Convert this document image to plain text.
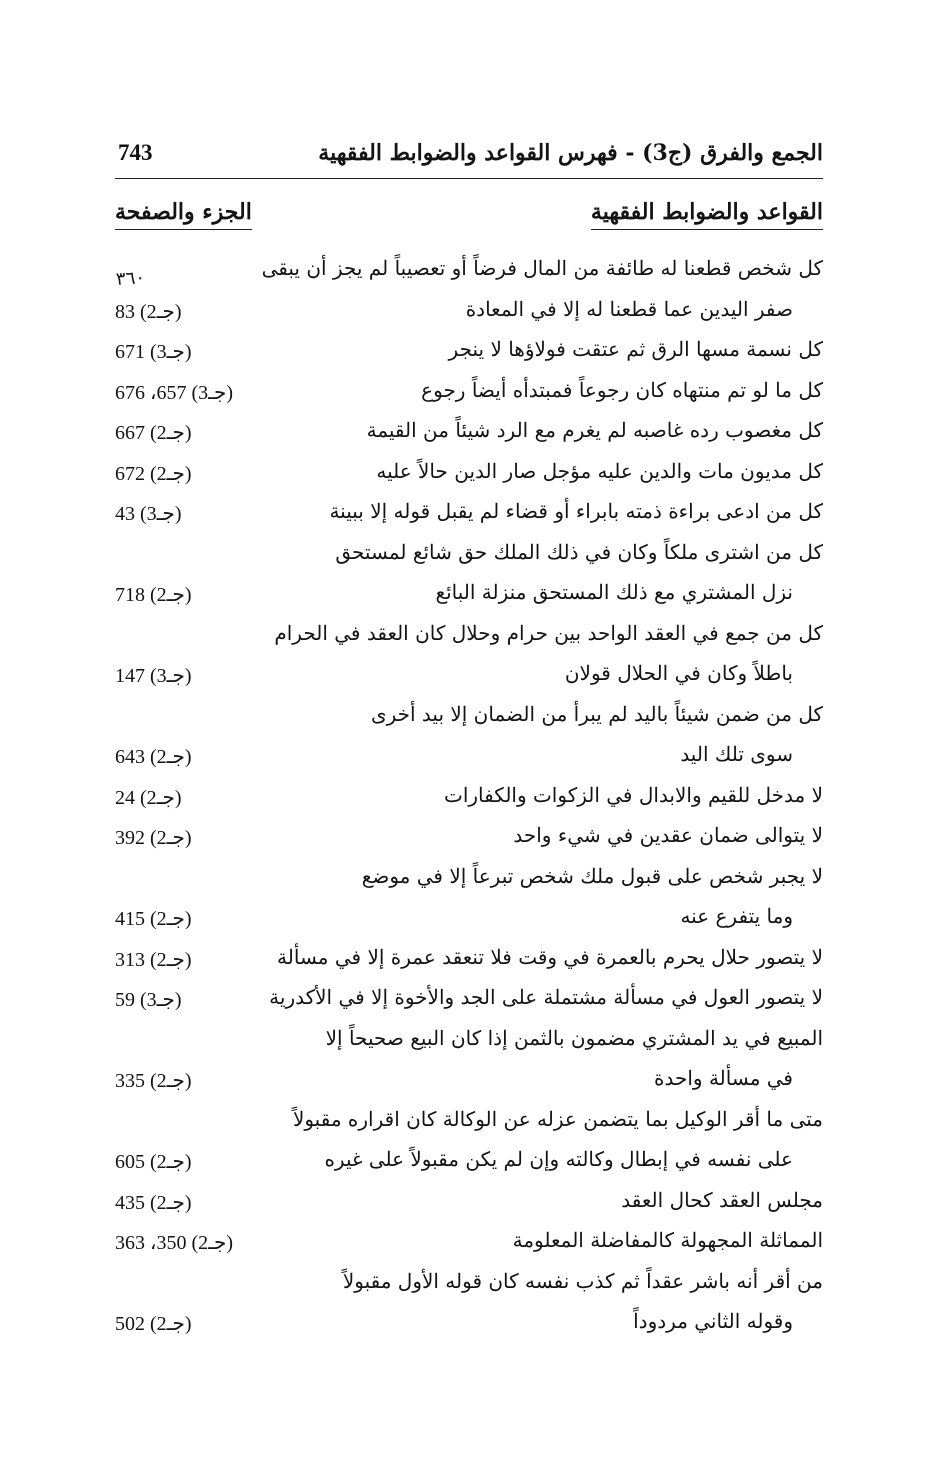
743	الجمع والفرق (ج3) - فهرس القواعد والضوابط الفقهية
القواعد والضوابط الفقهية
الجزء والصفحة
٣٦٠	كل شخص قطعنا له طائفة من المال فرضاً أو تعصيباً لم يجز أن يبقى
صفر اليدين عما قطعنا له إلا في المعادة
(جـ2) 83
كل نسمة مسها الرق ثم عتقت فولاؤها لا ينجر
(جـ3) 671
كل ما لو تم منتهاه كان رجوعاً فمبتدأه أيضاً رجوع
(جـ3) 657، 676
كل مغصوب رده غاصبه لم يغرم مع الرد شيئاً من القيمة
(جـ2) 667
كل مديون مات والدين عليه مؤجل صار الدين حالاً عليه
(جـ2) 672
كل من ادعى براءة ذمته بابراء أو قضاء لم يقبل قوله إلا ببينة
(جـ3) 43
كل من اشترى ملكاً وكان في ذلك الملك حق شائع لمستحق
نزل المشتري مع ذلك المستحق منزلة البائع
(جـ2) 718
كل من جمع في العقد الواحد بين حرام وحلال كان العقد في الحرام
باطلاً وكان في الحلال قولان
(جـ3) 147
كل من ضمن شيئاً باليد لم يبرأ من الضمان إلا بيد أخرى
سوى تلك اليد
(جـ2) 643
لا مدخل للقيم والابدال في الزكوات والكفارات
(جـ2) 24
لا يتوالى ضمان عقدين في شيء واحد
(جـ2) 392
لا يجبر شخص على قبول ملك شخص تبرعاً إلا في موضع
وما يتفرع عنه
(جـ2) 415
لا يتصور حلال يحرم بالعمرة في وقت فلا تنعقد عمرة إلا في مسألة
(جـ2) 313
لا يتصور العول في مسألة مشتملة على الجد والأخوة إلا في الأكدرية
(جـ3) 59
المبيع في يد المشتري مضمون بالثمن إذا كان البيع صحيحاً إلا
في مسألة واحدة
(جـ2) 335
متى ما أقر الوكيل بما يتضمن عزله عن الوكالة كان اقراره مقبولاً
على نفسه في إبطال وكالته وإن لم يكن مقبولاً على غيره
(جـ2) 605
مجلس العقد كحال العقد
(جـ2) 435
المماثلة المجهولة كالمفاضلة المعلومة
(جـ2) 350، 363
من أقر أنه باشر عقداً ثم كذب نفسه كان قوله الأول مقبولاً
وقوله الثاني مردوداً
(جـ2) 502
